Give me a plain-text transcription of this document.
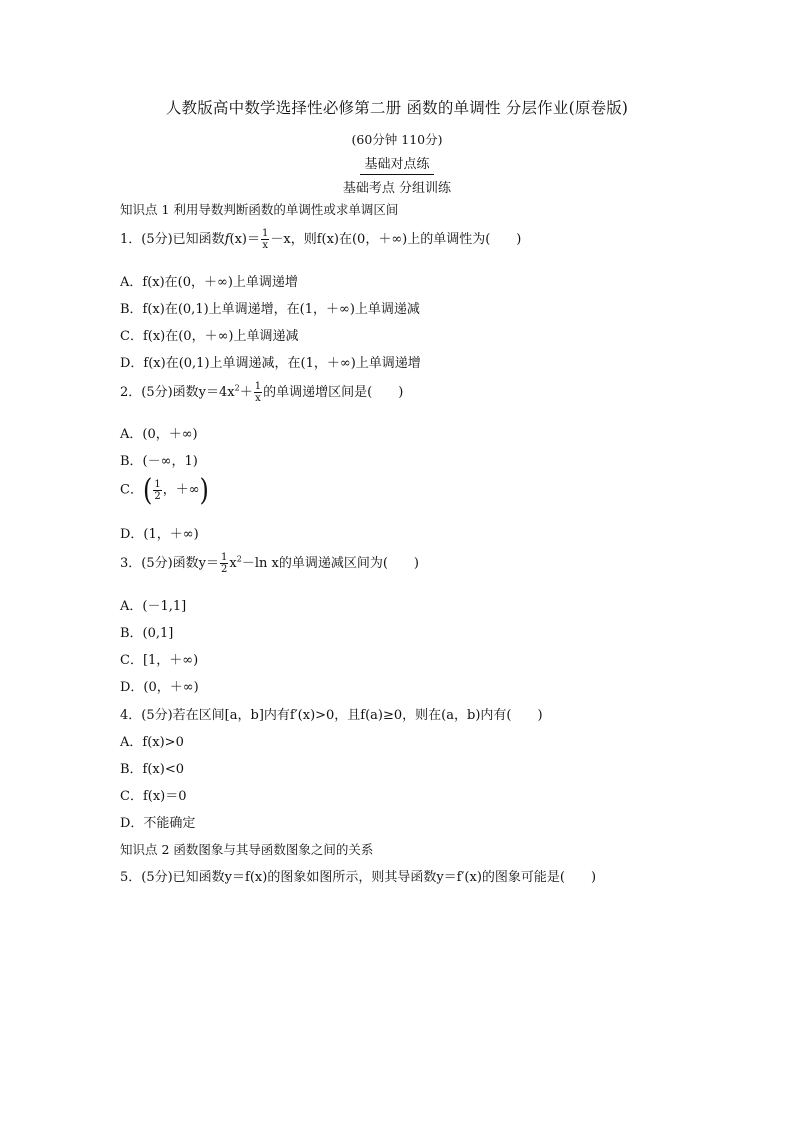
人教版高中数学选择性必修第二册 函数的单调性 分层作业(原卷版)
(60分钟 110分)
基础对点练
基础考点 分组训练
知识点 1 利用导数判断函数的单调性或求单调区间
1．(5分)已知函数$f(x)= \frac{1}{x} -x$，则f(x)在(0，＋∞)上的单调性为(　　)
A．f(x)在(0，＋∞)上单调递增
B．f(x)在(0,1)上单调递增，在(1，＋∞)上单调递减
C．f(x)在(0，＋∞)上单调递减
D．f(x)在(0,1)上单调递减，在(1，＋∞)上单调递增
2．(5分)函数$y=4x^2+ \frac{1}{x}$ 的单调递增区间是(　　)
A．(0，＋∞)
B．(－∞，1)
C．( $\frac{1}{2}$ ，＋∞)
D．(1，＋∞)
3．(5分)函数$y= \frac{1}{2} x^2-\ln$ x的单调递减区间为(　　)
A．(－1,1]
B．(0,1]
C．[1，＋∞)
D．(0，＋∞)
4．(5分)若在区间[a，b]内有f′(x)>0，且f(a)≥0，则在(a，b)内有(　　)
A．f(x)>0
B．f(x)<0
C．f(x)＝0
D．不能确定
知识点 2 函数图象与其导函数图象之间的关系
5．(5分)已知函数y＝f(x)的图象如图所示，则其导函数y＝f′(x)的图象可能是(　　)
